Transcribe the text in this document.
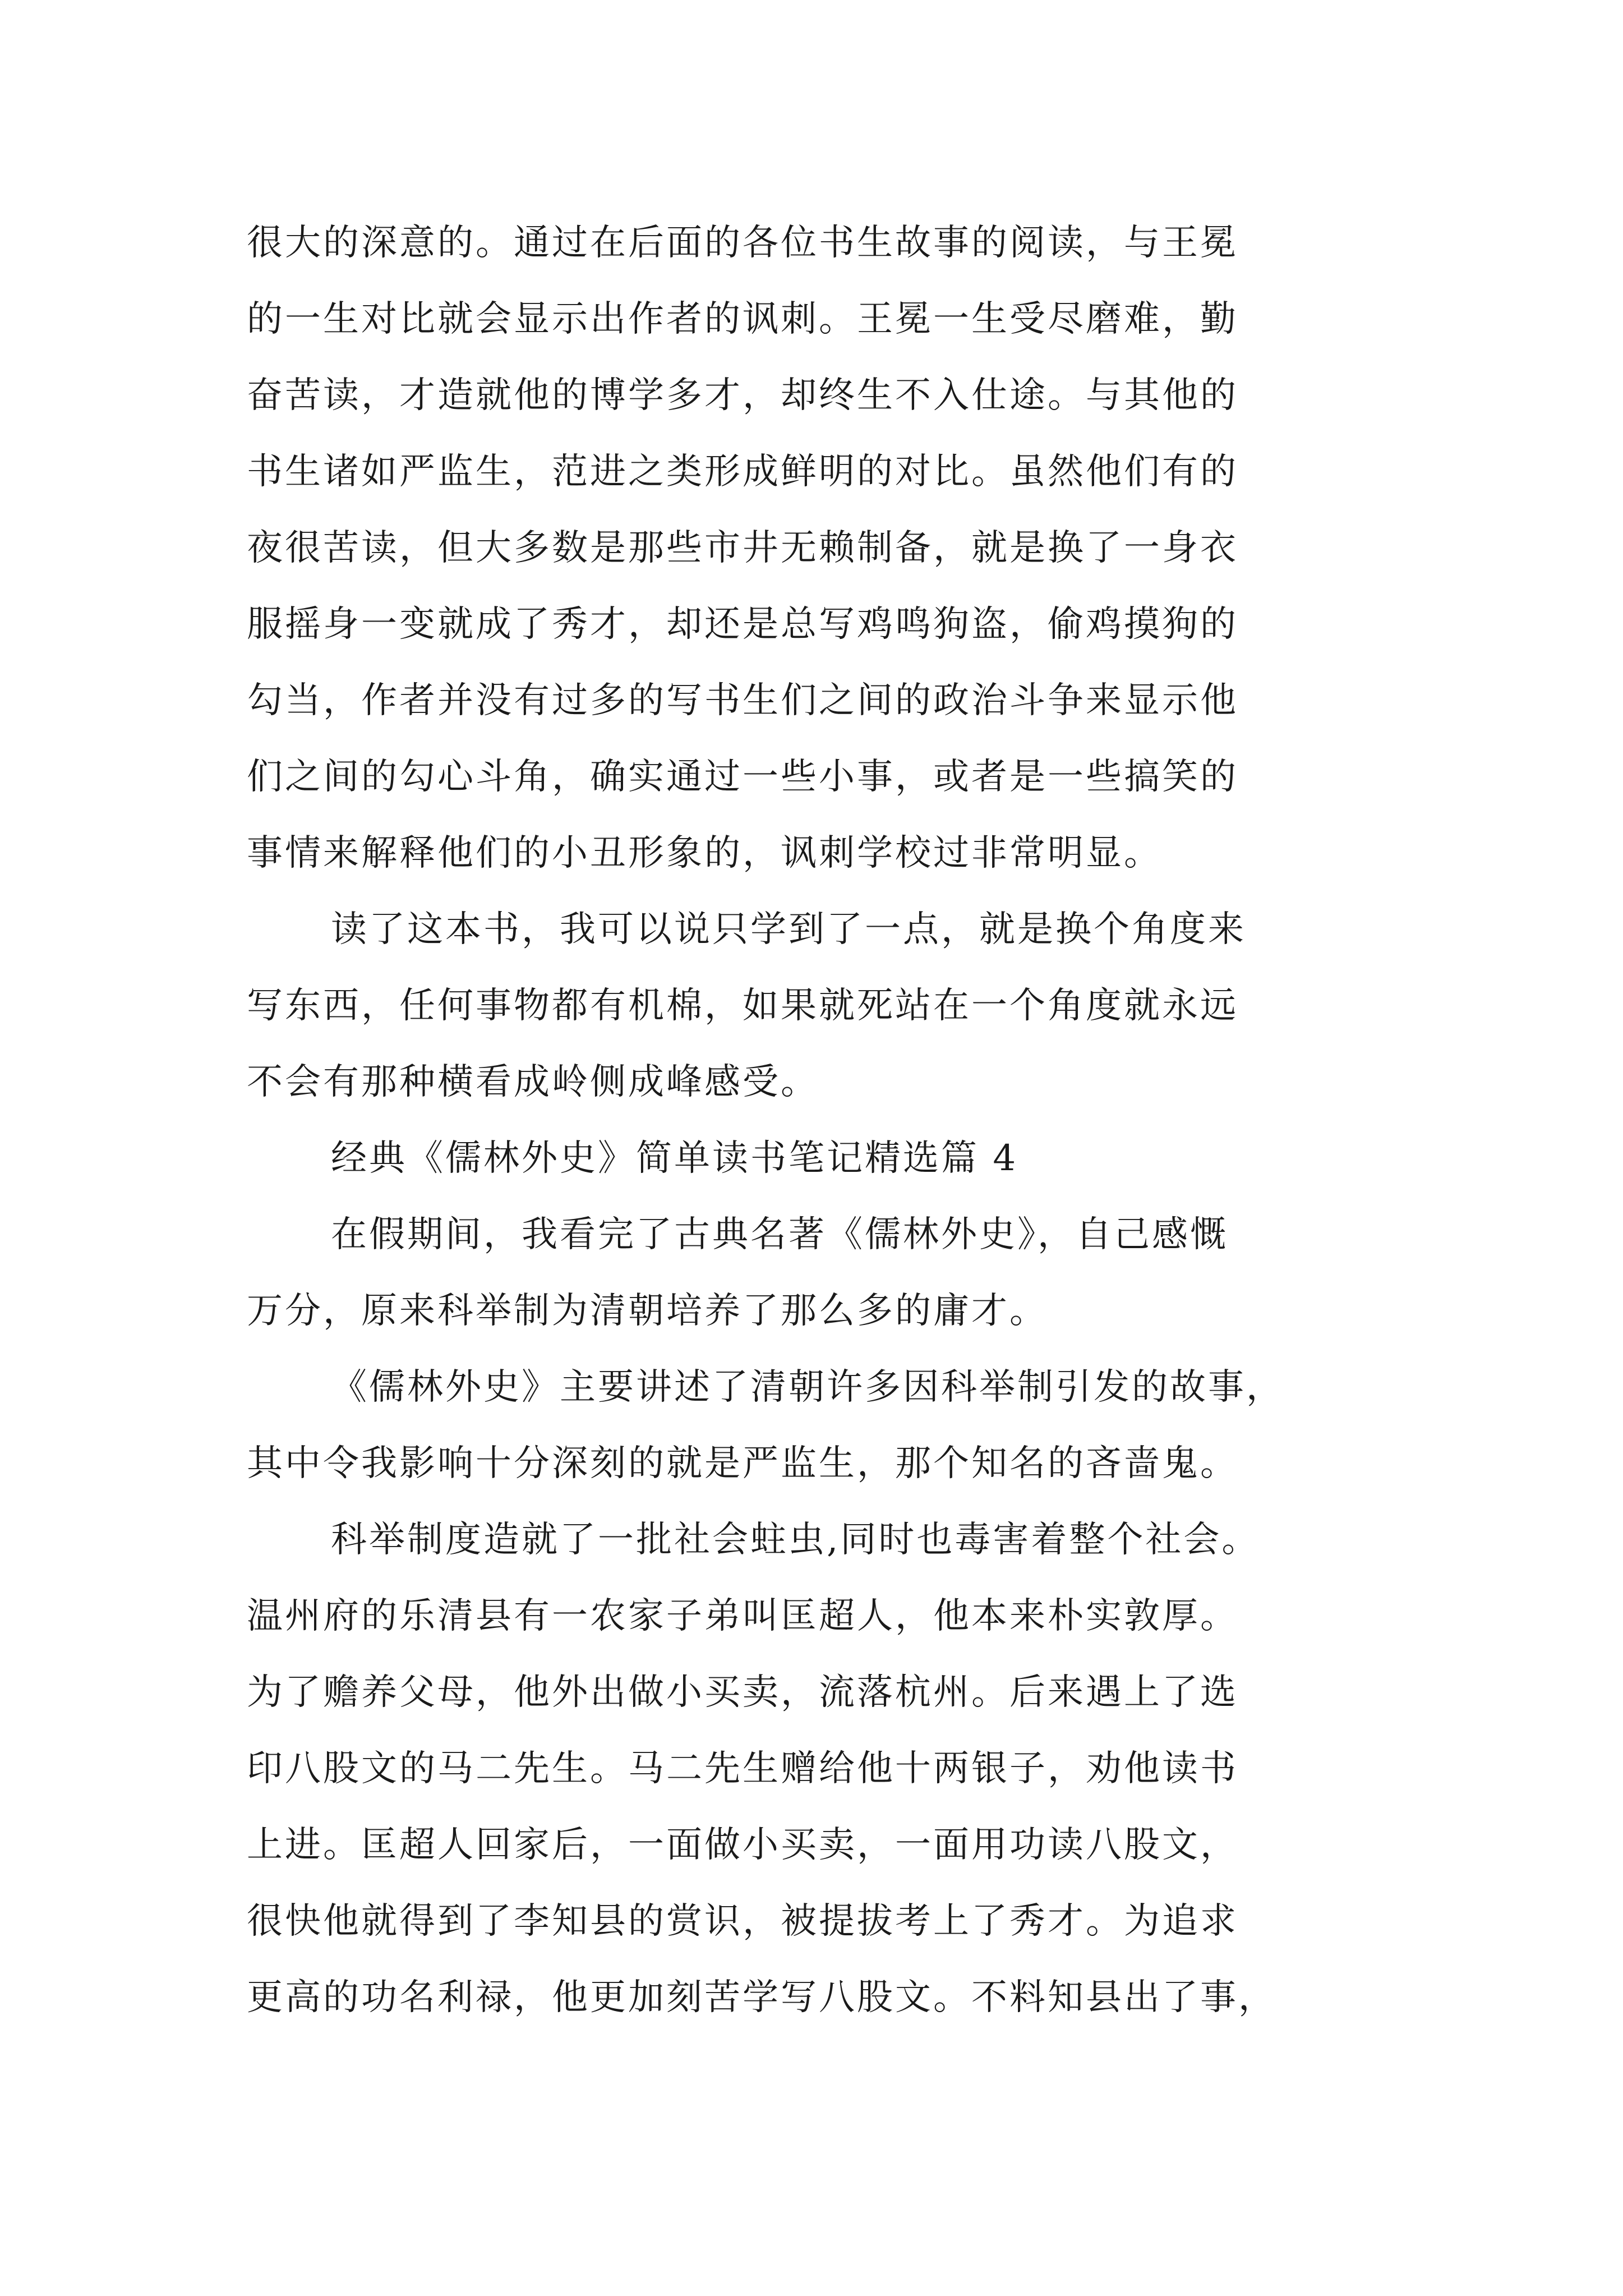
很大的深意的。通过在后面的各位书生故事的阅读，与王冕
的一生对比就会显示出作者的讽刺。王冕一生受尽磨难，勤
奋苦读，才造就他的博学多才，却终生不入仕途。与其他的
书生诸如严监生，范进之类形成鲜明的对比。虽然他们有的
夜很苦读，但大多数是那些市井无赖制备，就是换了一身衣
服摇身一变就成了秀才，却还是总写鸡鸣狗盗，偷鸡摸狗的
勾当，作者并没有过多的写书生们之间的政治斗争来显示他
们之间的勾心斗角，确实通过一些小事，或者是一些搞笑的
事情来解释他们的小丑形象的，讽刺学校过非常明显。
读了这本书，我可以说只学到了一点，就是换个角度来
写东西，任何事物都有机棉，如果就死站在一个角度就永远
不会有那种横看成岭侧成峰感受。
经典《儒林外史》简单读书笔记精选篇 4
在假期间，我看完了古典名著《儒林外史》，自己感慨
万分，原来科举制为清朝培养了那么多的庸才。
《儒林外史》主要讲述了清朝许多因科举制引发的故事，
其中令我影响十分深刻的就是严监生，那个知名的吝啬鬼。
科举制度造就了一批社会蛀虫,同时也毒害着整个社会。
温州府的乐清县有一农家子弟叫匡超人，他本来朴实敦厚。
为了赡养父母，他外出做小买卖，流落杭州。后来遇上了选
印八股文的马二先生。马二先生赠给他十两银子，劝他读书
上进。匡超人回家后，一面做小买卖，一面用功读八股文，
很快他就得到了李知县的赏识，被提拔考上了秀才。为追求
更高的功名利禄，他更加刻苦学写八股文。不料知县出了事，
